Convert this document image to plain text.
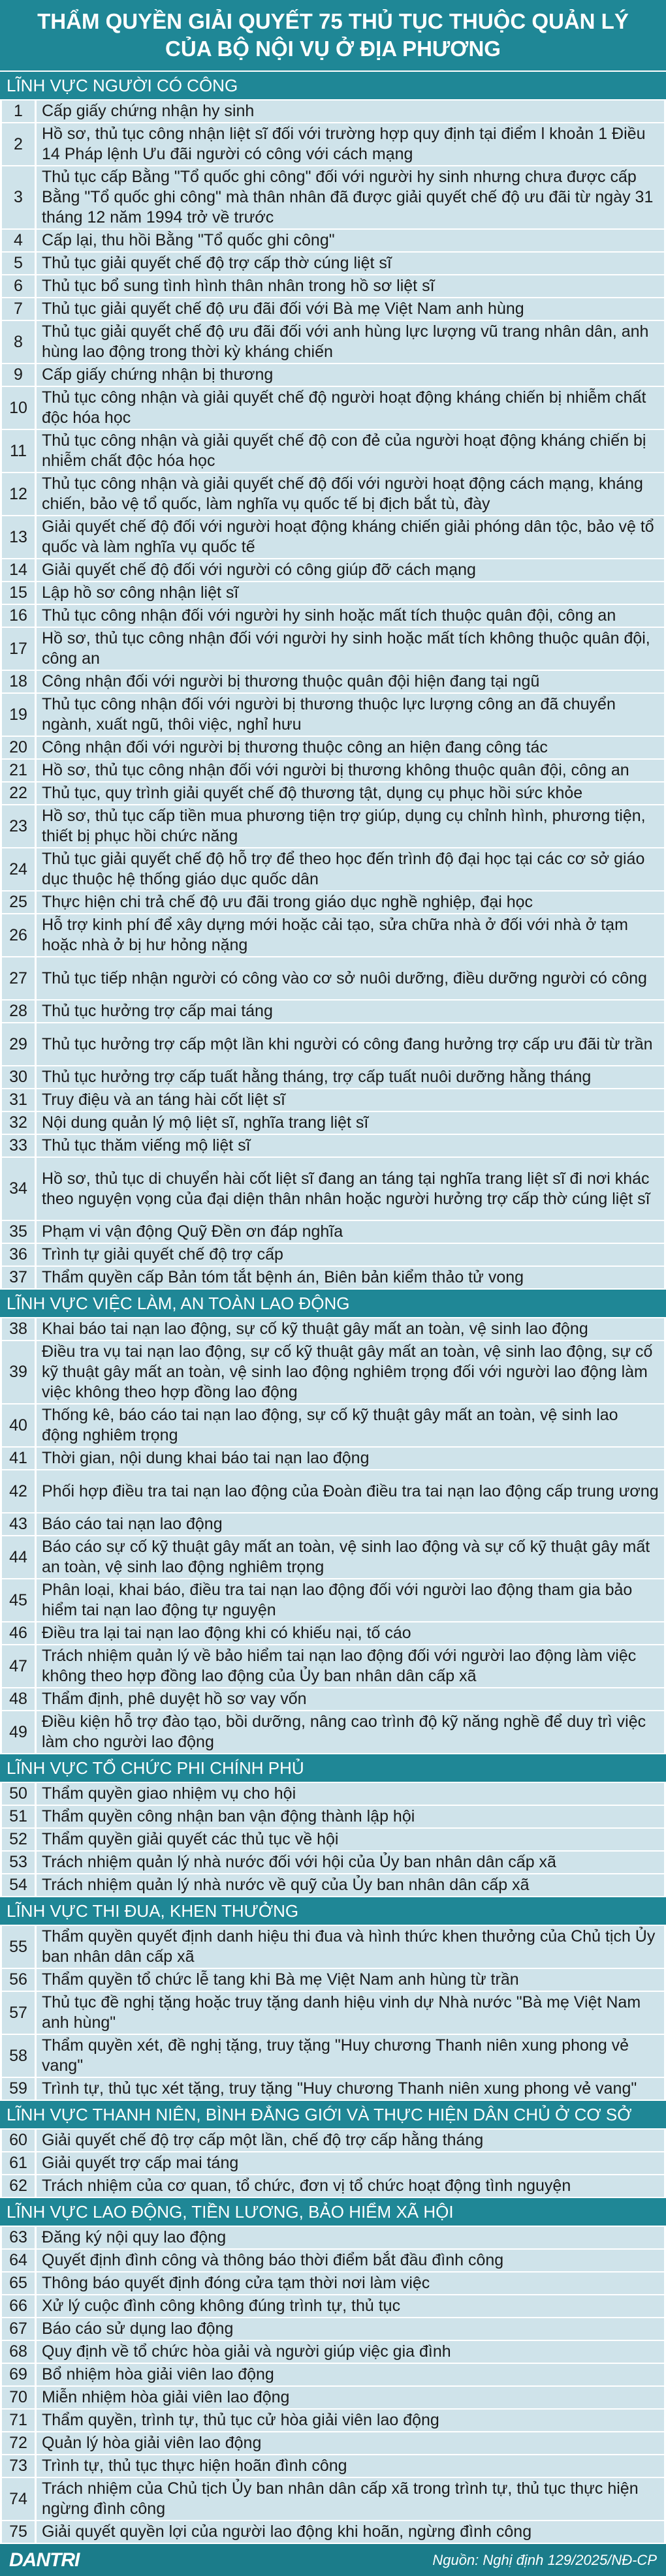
THẨM QUYỀN GIẢI QUYẾT 75 THỦ TỤC THUỘC QUẢN LÝ
CỦA BỘ NỘI VỤ Ở ĐỊA PHƯƠNG
LĨNH VỰC NGƯỜI CÓ CÔNG
1	Cấp giấy chứng nhận hy sinh
2
Hồ sơ, thủ tục công nhận liệt sĩ đối với trường hợp quy định tại điểm l khoản 1 Điều 14 Pháp lệnh Ưu đãi người có công với cách mạng
3
Thủ tục cấp Bằng "Tổ quốc ghi công" đối với người hy sinh nhưng chưa được cấp Bằng "Tổ quốc ghi công" mà thân nhân đã được giải quyết chế độ ưu đãi từ ngày 31 tháng 12 năm 1994 trở về trước
4	Cấp lại, thu hồi Bằng "Tổ quốc ghi công"
5	Thủ tục giải quyết chế độ trợ cấp thờ cúng liệt sĩ
6	Thủ tục bổ sung tình hình thân nhân trong hồ sơ liệt sĩ
7	Thủ tục giải quyết chế độ ưu đãi đối với Bà mẹ Việt Nam anh hùng
8
Thủ tục giải quyết chế độ ưu đãi đối với anh hùng lực lượng vũ trang nhân dân, anh hùng lao động trong thời kỳ kháng chiến
9	Cấp giấy chứng nhận bị thương
10
Thủ tục công nhận và giải quyết chế độ người hoạt động kháng chiến bị nhiễm chất độc hóa học
11
Thủ tục công nhận và giải quyết chế độ con đẻ của người hoạt động kháng chiến bị nhiễm chất độc hóa học
12
Thủ tục công nhận và giải quyết chế độ đối với người hoạt động cách mạng, kháng chiến, bảo vệ tổ quốc, làm nghĩa vụ quốc tế bị địch bắt tù, đày
13
Giải quyết chế độ đối với người hoạt động kháng chiến giải phóng dân tộc, bảo vệ tổ quốc và làm nghĩa vụ quốc tế
14 Giải quyết chế độ đối với người có công giúp đỡ cách mạng
15 Lập hồ sơ công nhận liệt sĩ
16 Thủ tục công nhận đối với người hy sinh hoặc mất tích thuộc quân đội, công an
17
Hồ sơ, thủ tục công nhận đối với người hy sinh hoặc mất tích không thuộc quân đội, công an
18 Công nhận đối với người bị thương thuộc quân đội hiện đang tại ngũ
19
Thủ tục công nhận đối với người bị thương thuộc lực lượng công an đã chuyển ngành, xuất ngũ, thôi việc, nghỉ hưu
20 Công nhận đối với người bị thương thuộc công an hiện đang công tác
21 Hồ sơ, thủ tục công nhận đối với người bị thương không thuộc quân đội, công an
22 Thủ tục, quy trình giải quyết chế độ thương tật, dụng cụ phục hồi sức khỏe
23
Hồ sơ, thủ tục cấp tiền mua phương tiện trợ giúp, dụng cụ chỉnh hình, phương tiện, thiết bị phục hồi chức năng
24
Thủ tục giải quyết chế độ hỗ trợ để theo học đến trình độ đại học tại các cơ sở giáo dục thuộc hệ thống giáo dục quốc dân
25 Thực hiện chi trả chế độ ưu đãi trong giáo dục nghề nghiệp, đại học
26
Hỗ trợ kinh phí để xây dựng mới hoặc cải tạo, sửa chữa nhà ở đối với nhà ở tạm hoặc nhà ở bị hư hỏng nặng
27 Thủ tục tiếp nhận người có công vào cơ sở nuôi dưỡng, điều dưỡng người có công
28 Thủ tục hưởng trợ cấp mai táng
29 Thủ tục hưởng trợ cấp một lần khi người có công đang hưởng trợ cấp ưu đãi từ trần
30 Thủ tục hưởng trợ cấp tuất hằng tháng, trợ cấp tuất nuôi dưỡng hằng tháng
31 Truy điệu và an táng hài cốt liệt sĩ
32 Nội dung quản lý mộ liệt sĩ, nghĩa trang liệt sĩ
33 Thủ tục thăm viếng mộ liệt sĩ
34
Hồ sơ, thủ tục di chuyển hài cốt liệt sĩ đang an táng tại nghĩa trang liệt sĩ đi nơi khác theo nguyện vọng của đại diện thân nhân hoặc người hưởng trợ cấp thờ cúng liệt sĩ
35 Phạm vi vận động Quỹ Đền ơn đáp nghĩa
36 Trình tự giải quyết chế độ trợ cấp
37 Thẩm quyền cấp Bản tóm tắt bệnh án, Biên bản kiểm thảo tử vong
LĨNH VỰC VIỆC LÀM, AN TOÀN LAO ĐỘNG
38 Khai báo tai nạn lao động, sự cố kỹ thuật gây mất an toàn, vệ sinh lao động
39
Điều tra vụ tai nạn lao động, sự cố kỹ thuật gây mất an toàn, vệ sinh lao động, sự cố kỹ thuật gây mất an toàn, vệ sinh lao động nghiêm trọng đối với người lao động làm việc không theo hợp đồng lao động
40
Thống kê, báo cáo tai nạn lao động, sự cố kỹ thuật gây mất an toàn, vệ sinh lao động nghiêm trọng
41 Thời gian, nội dung khai báo tai nạn lao động
42 Phối hợp điều tra tai nạn lao động của Đoàn điều tra tai nạn lao động cấp trung ương
43 Báo cáo tai nạn lao động
44
Báo cáo sự cố kỹ thuật gây mất an toàn, vệ sinh lao động và sự cố kỹ thuật gây mất an toàn, vệ sinh lao động nghiêm trọng
45
Phân loại, khai báo, điều tra tai nạn lao động đối với người lao động tham gia bảo hiểm tai nạn lao động tự nguyện
46 Điều tra lại tai nạn lao động khi có khiếu nại, tố cáo
47
Trách nhiệm quản lý về bảo hiểm tai nạn lao động đối với người lao động làm việc không theo hợp đồng lao động của Ủy ban nhân dân cấp xã
48 Thẩm định, phê duyệt hồ sơ vay vốn
49
Điều kiện hỗ trợ đào tạo, bồi dưỡng, nâng cao trình độ kỹ năng nghề để duy trì việc làm cho người lao động
LĨNH VỰC TỔ CHỨC PHI CHÍNH PHỦ
50 Thẩm quyền giao nhiệm vụ cho hội
51 Thẩm quyền công nhận ban vận động thành lập hội
52 Thẩm quyền giải quyết các thủ tục về hội
53 Trách nhiệm quản lý nhà nước đối với hội của Ủy ban nhân dân cấp xã
54 Trách nhiệm quản lý nhà nước về quỹ của Ủy ban nhân dân cấp xã
LĨNH VỰC THI ĐUA, KHEN THƯỞNG
55
Thẩm quyền quyết định danh hiệu thi đua và hình thức khen thưởng của Chủ tịch Ủy ban nhân dân cấp xã
56 Thẩm quyền tổ chức lễ tang khi Bà mẹ Việt Nam anh hùng từ trần
57
Thủ tục đề nghị tặng hoặc truy tặng danh hiệu vinh dự Nhà nước "Bà mẹ Việt Nam anh hùng"
58
Thẩm quyền xét, đề nghị tặng, truy tặng "Huy chương Thanh niên xung phong vẻ vang"
59 Trình tự, thủ tục xét tặng, truy tặng "Huy chương Thanh niên xung phong vẻ vang"
LĨNH VỰC THANH NIÊN, BÌNH ĐẲNG GIỚI VÀ THỰC HIỆN DÂN CHỦ Ở CƠ SỞ
60 Giải quyết chế độ trợ cấp một lần, chế độ trợ cấp hằng tháng
61 Giải quyết trợ cấp mai táng
62 Trách nhiệm của cơ quan, tổ chức, đơn vị tổ chức hoạt động tình nguyện
LĨNH VỰC LAO ĐỘNG, TIỀN LƯƠNG, BẢO HIỂM XÃ HỘI
63 Đăng ký nội quy lao động
64 Quyết định đình công và thông báo thời điểm bắt đầu đình công
65 Thông báo quyết định đóng cửa tạm thời nơi làm việc
66 Xử lý cuộc đình công không đúng trình tự, thủ tục
67 Báo cáo sử dụng lao động
68 Quy định về tổ chức hòa giải và người giúp việc gia đình
69 Bổ nhiệm hòa giải viên lao động
70 Miễn nhiệm hòa giải viên lao động
71 Thẩm quyền, trình tự, thủ tục cử hòa giải viên lao động
72 Quản lý hòa giải viên lao động
73 Trình tự, thủ tục thực hiện hoãn đình công
74
Trách nhiệm của Chủ tịch Ủy ban nhân dân cấp xã trong trình tự, thủ tục thực hiện ngừng đình công
75 Giải quyết quyền lợi của người lao động khi hoãn, ngừng đình công
DANTRI	Nguồn: Nghị định 129/2025/NĐ-CP
